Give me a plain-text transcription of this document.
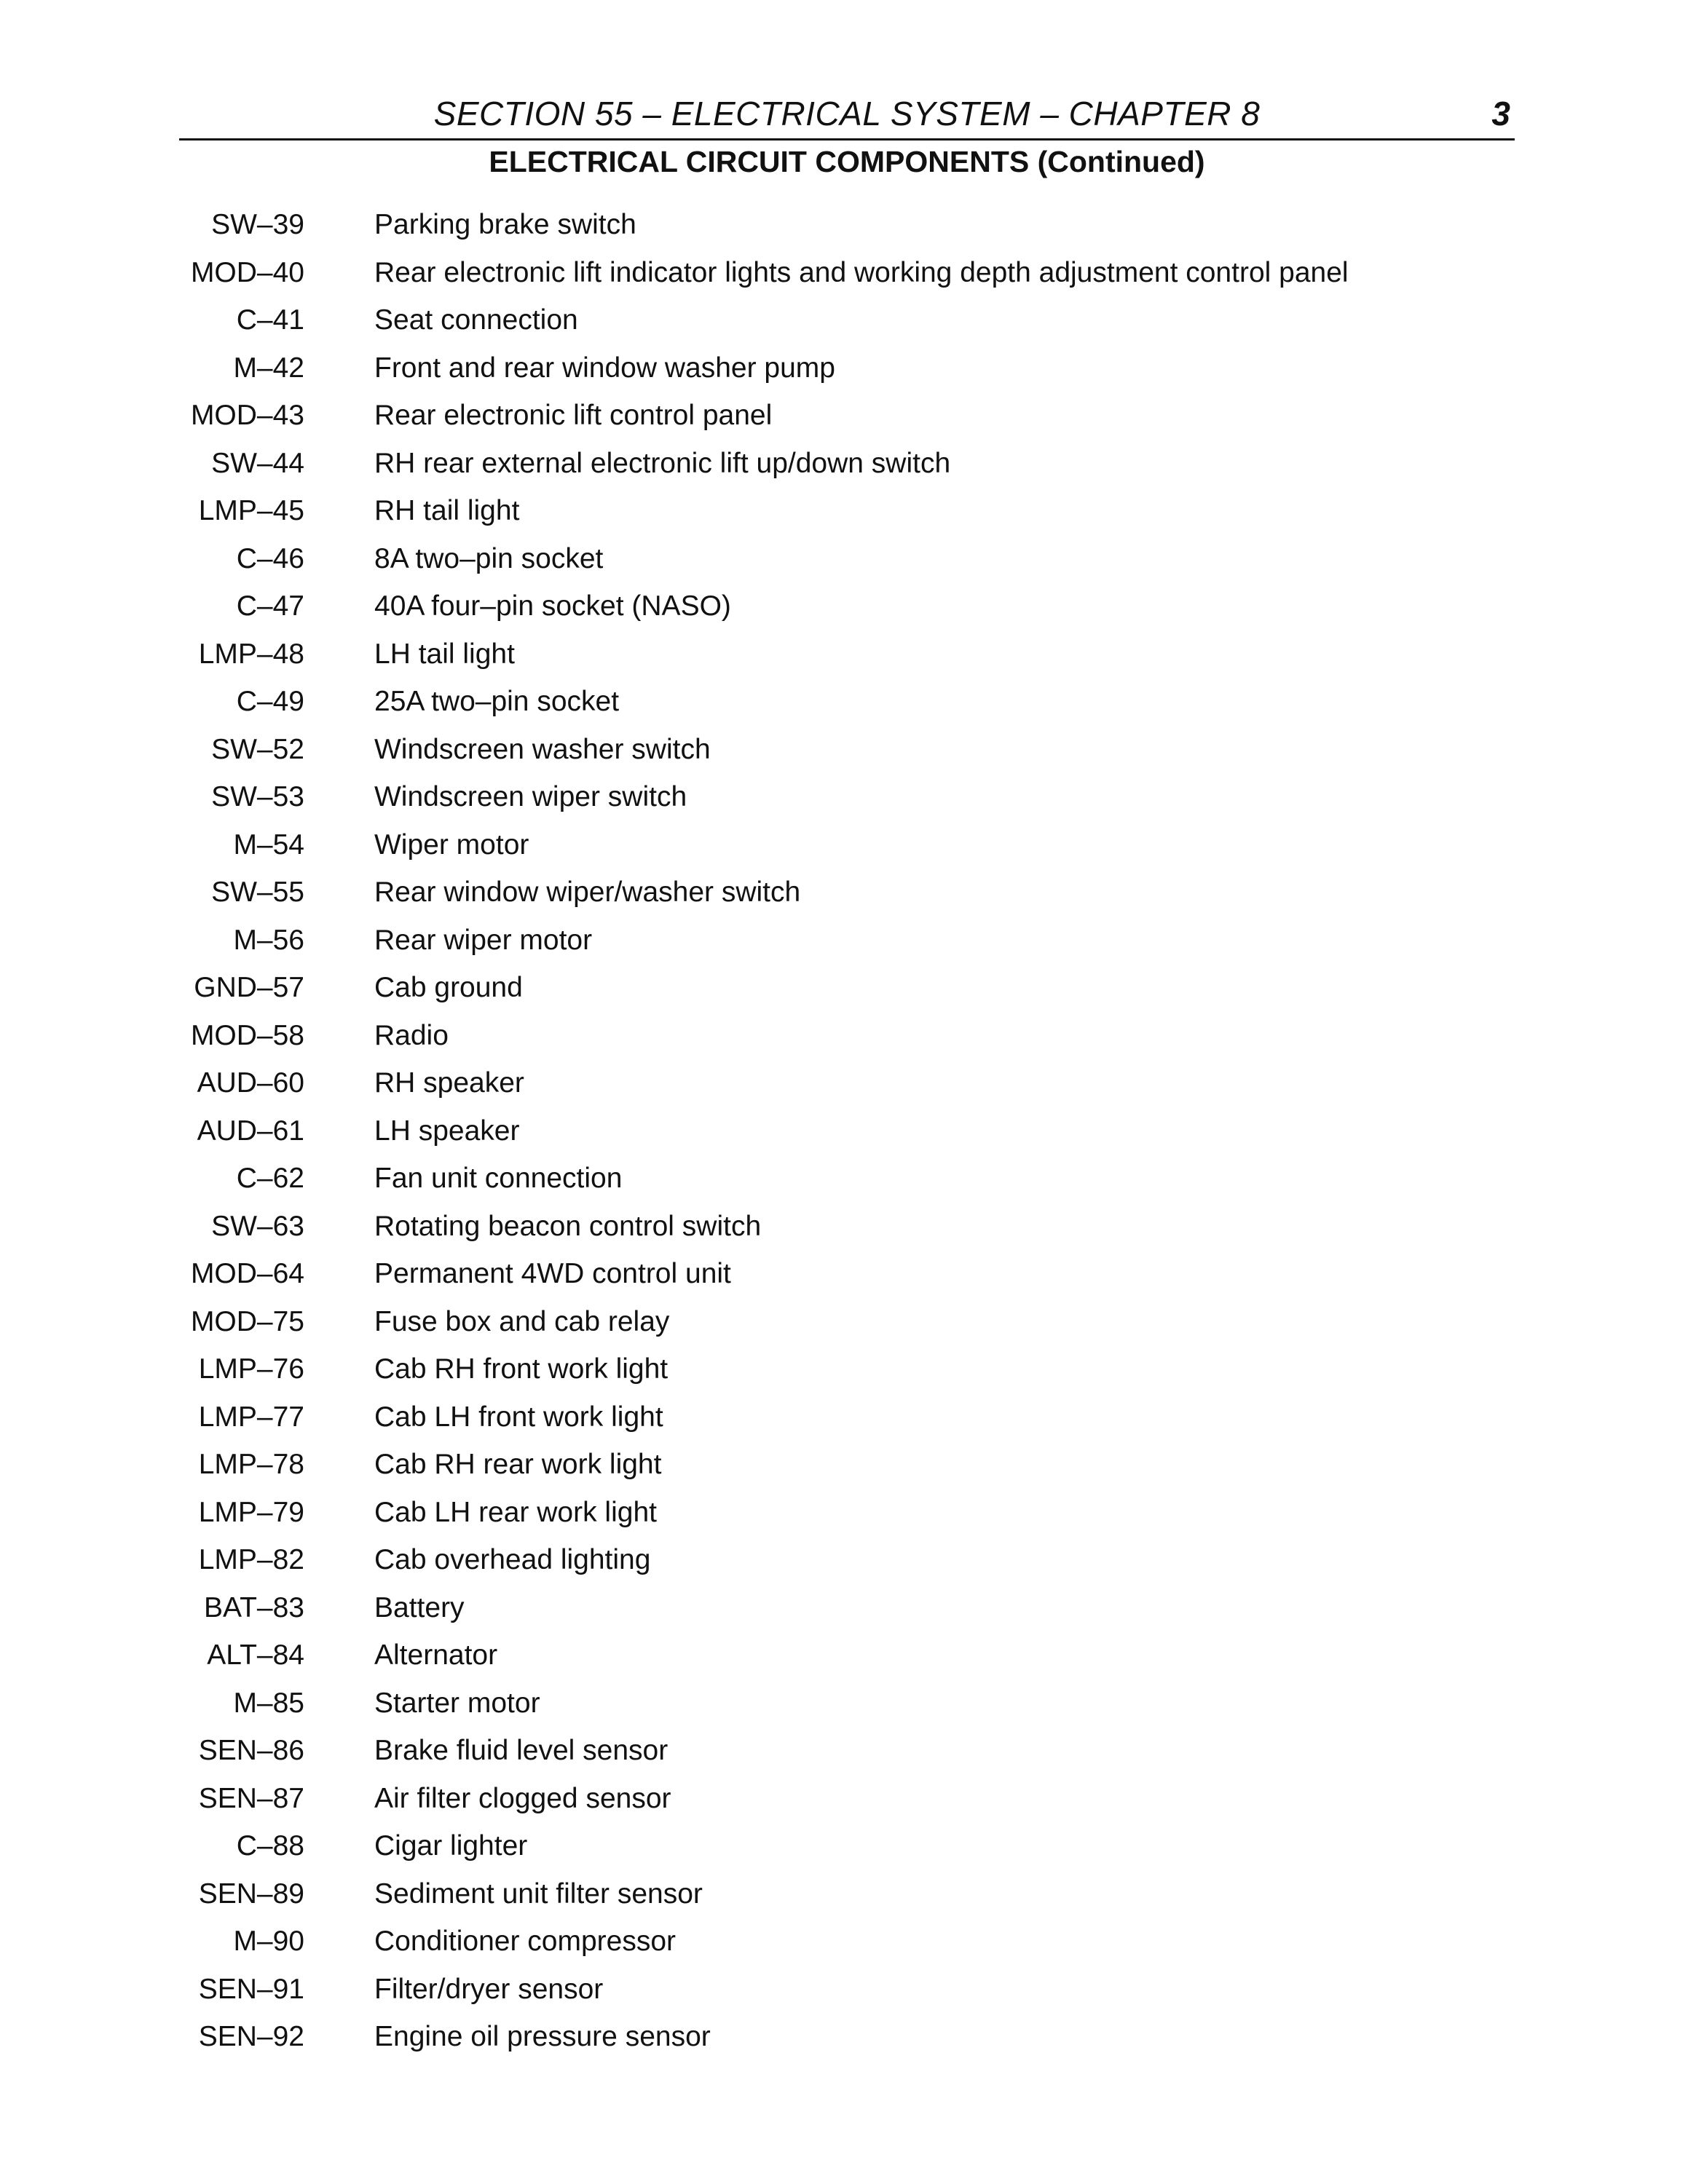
SECTION 55 – ELECTRICAL SYSTEM – CHAPTER 8	3
ELECTRICAL CIRCUIT COMPONENTS (Continued)
SW–39 Parking brake switch
MOD–40 Rear electronic lift indicator lights and working depth adjustment control panel
C–41 Seat connection
M–42 Front and rear window washer pump
MOD–43 Rear electronic lift control panel
SW–44 RH rear external electronic lift up/down switch
LMP–45 RH tail light
C–46 8A two–pin socket
C–47 40A four–pin socket (NASO)
LMP–48 LH tail light
C–49 25A two–pin socket
SW–52 Windscreen washer switch
SW–53 Windscreen wiper switch
M–54 Wiper motor
SW–55 Rear window wiper/washer switch
M–56 Rear wiper motor
GND–57 Cab ground
MOD–58 Radio
AUD–60 RH speaker
AUD–61 LH speaker
C–62 Fan unit connection
SW–63 Rotating beacon control switch
MOD–64 Permanent 4WD control unit
MOD–75 Fuse box and cab relay
LMP–76 Cab RH front work light
LMP–77 Cab LH front work light
LMP–78 Cab RH rear work light
LMP–79 Cab LH rear work light
LMP–82 Cab overhead lighting
BAT–83 Battery
ALT–84 Alternator
M–85 Starter motor
SEN–86 Brake fluid level sensor
SEN–87 Air filter clogged sensor
C–88 Cigar lighter
SEN–89 Sediment unit filter sensor
M–90 Conditioner compressor
SEN–91 Filter/dryer sensor
SEN–92 Engine oil pressure sensor
